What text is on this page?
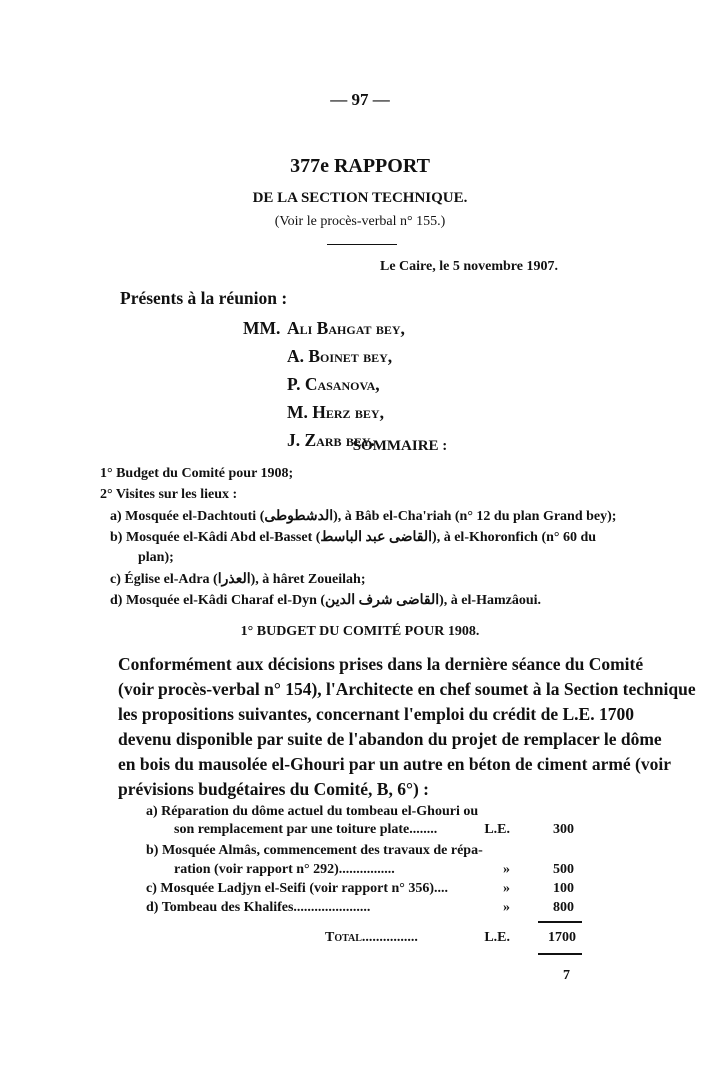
— 97 —
377e RAPPORT
DE LA SECTION TECHNIQUE.
(Voir le procès-verbal n° 155.)
Le Caire, le 5 novembre 1907.
Présents à la réunion :
MM. Ali Bahgat bey,
A. Boinet bey,
P. Casanova,
M. Herz bey,
J. Zarb bey.
SOMMAIRE :
1° Budget du Comité pour 1908;
2° Visites sur les lieux :
a) Mosquée el-Dachtouti (الدشطوطى), à Bâb el-Cha'riah (n° 12 du plan Grand bey);
b) Mosquée el-Kâdi Abd el-Basset (القاضى عبد الباسط), à el-Khoronfich (n° 60 du
plan);
c) Église el-Adra (العذرا), à hâret Zoueilah;
d) Mosquée el-Kâdi Charaf el-Dyn (القاضى شرف الدين), à el-Hamzâoui.
1° BUDGET DU COMITÉ POUR 1908.
Conformément aux décisions prises dans la dernière séance du Comité
(voir procès-verbal n° 154), l'Architecte en chef soumet à la Section technique
les propositions suivantes, concernant l'emploi du crédit de L.E. 1700
devenu disponible par suite de l'abandon du projet de remplacer le dôme
en bois du mausolée el-Ghouri par un autre en béton de ciment armé (voir
prévisions budgétaires du Comité, B, 6°) :
a) Réparation du dôme actuel du tombeau el-Ghouri ou
son remplacement par une toiture plate........	L.E.	300
b) Mosquée Almâs, commencement des travaux de répa-
ration (voir rapport n° 292)................	»	500
c) Mosquée Ladjyn el-Seifi (voir rapport n° 356)....	»	100
d) Tombeau des Khalifes......................	»	800
Total................	L.E.	1700
7
